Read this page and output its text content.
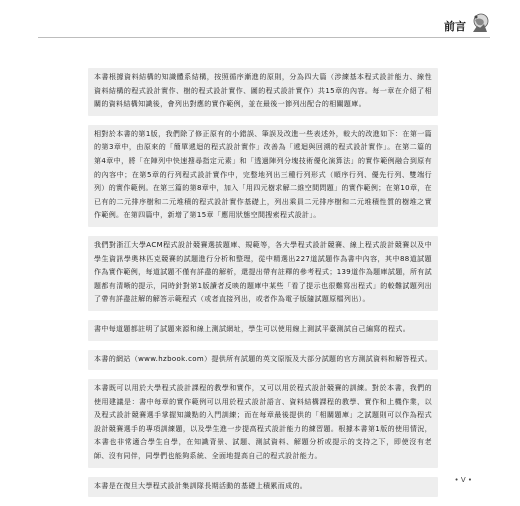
前言

本書根據資料結構的知識體系結構，按照循序漸進的原則，分為四大篇（涉練基本程式設計能力、線性資料結構的程式設計實作、樹的程式設計實作、圖的程式設計實作）共15章的內容。每一章在介紹了相關的資料結構知識後，會列出對應的實作範例，並在最後一節列出配合的相關題庫。

相對於本書的第1版，我們除了修正原有的小錯誤、筆誤及改進一些表述外，較大的改進如下：在第一篇的第3章中，由原來的「簡單遞迴的程式設計實作」改善為「遞迴與回溯的程式設計實作」。在第二篇的第4章中，將「在陣列中快速搜尋指定元素」和「透過陣列分塊技術優化演算法」的實作範例融合到原有的內容中；在第5章的行列程式設計實作中，完整地列出三種行列形式（順序行列、優先行列、雙端行列）的實作範例。在第三篇的第8章中，加入「用四元樹求解二維空間問題」的實作範例；在第10章，在已有的二元排序樹和二元堆積的程式設計實作基礎上，列出乘員二元排序樹和二元堆積性質的樹堆之實作範例。在第四篇中，新增了第15章「應用狀態空間搜索程式設計」。

我們對浙江大學ACM程式設計競賽選拔題庫、規範等，各大學程式設計競賽、線上程式設計競賽以及中學生資訊學奧林匹克競賽的試題進行分析和整理，從中精選出227道試題作為書中內容，其中88道試題作為實作範例，每道試題不僅有詳盡的解析，還提出帶有註釋的參考程式；139道作為題庫試題，所有試題都有清晰的提示，同時針對第1版讀者反映的題庫中某些「看了提示也很難寫出程式」的較難試題列出了帶有詳盡註解的解答示範程式（或者直接列出，或者作為電子版隨試題原檔列出）。

書中每道題都註明了試題來源和線上測試網址，學生可以使用線上測試平臺測試自己編寫的程式。

本書的網站（www.hzbook.com）提供所有試題的英文原版及大部分試題的官方測試資料和解答程式。

本書既可以用於大學程式設計課程的教學和實作，又可以用於程式設計競賽的訓練。對於本書，我們的使用建議是：書中每章的實作範例可以用於程式設計語言、資料結構課程的教學、實作和上機作業，以及程式設計競賽選手掌握知識點的入門訓練；而在每章最後提供的「相關題庫」之試題則可以作為程式設計競賽選手的專項訓練題，以及學生進一步提高程式設計能力的練習題。根據本書第1版的使用情況，本書也非常適合學生自學，在知識背景、試題、測試資料、解題分析或提示的支持之下，即使沒有老師、沒有同伴，同學們也能夠系統、全面地提高自己的程式設計能力。

本書是在復旦大學程式設計集訓隊長期活動的基礎上積累而成的。

• V •
